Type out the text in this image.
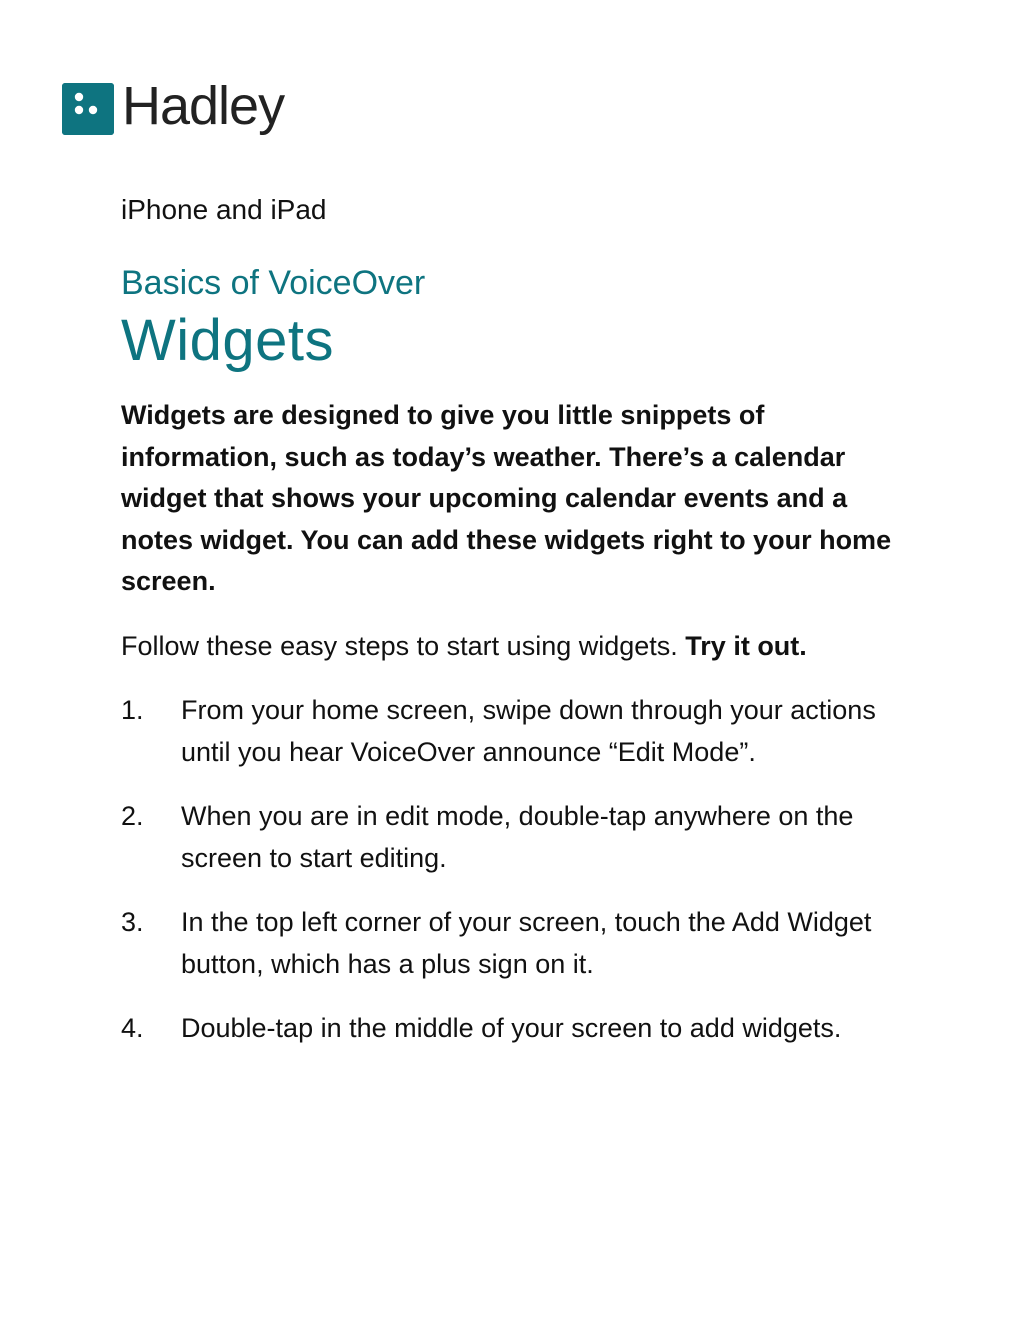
Hadley

iPhone and iPad

Basics of VoiceOver
Widgets

Widgets are designed to give you little snippets of information, such as today’s weather. There’s a calendar widget that shows your upcoming calendar events and a notes widget. You can add these widgets right to your home screen.

Follow these easy steps to start using widgets. Try it out.

1.	From your home screen, swipe down through your actions until you hear VoiceOver announce “Edit Mode”.
2.	When you are in edit mode, double-tap anywhere on the screen to start editing.
3.	In the top left corner of your screen, touch the Add Widget button, which has a plus sign on it.
4.	Double-tap in the middle of your screen to add widgets.
